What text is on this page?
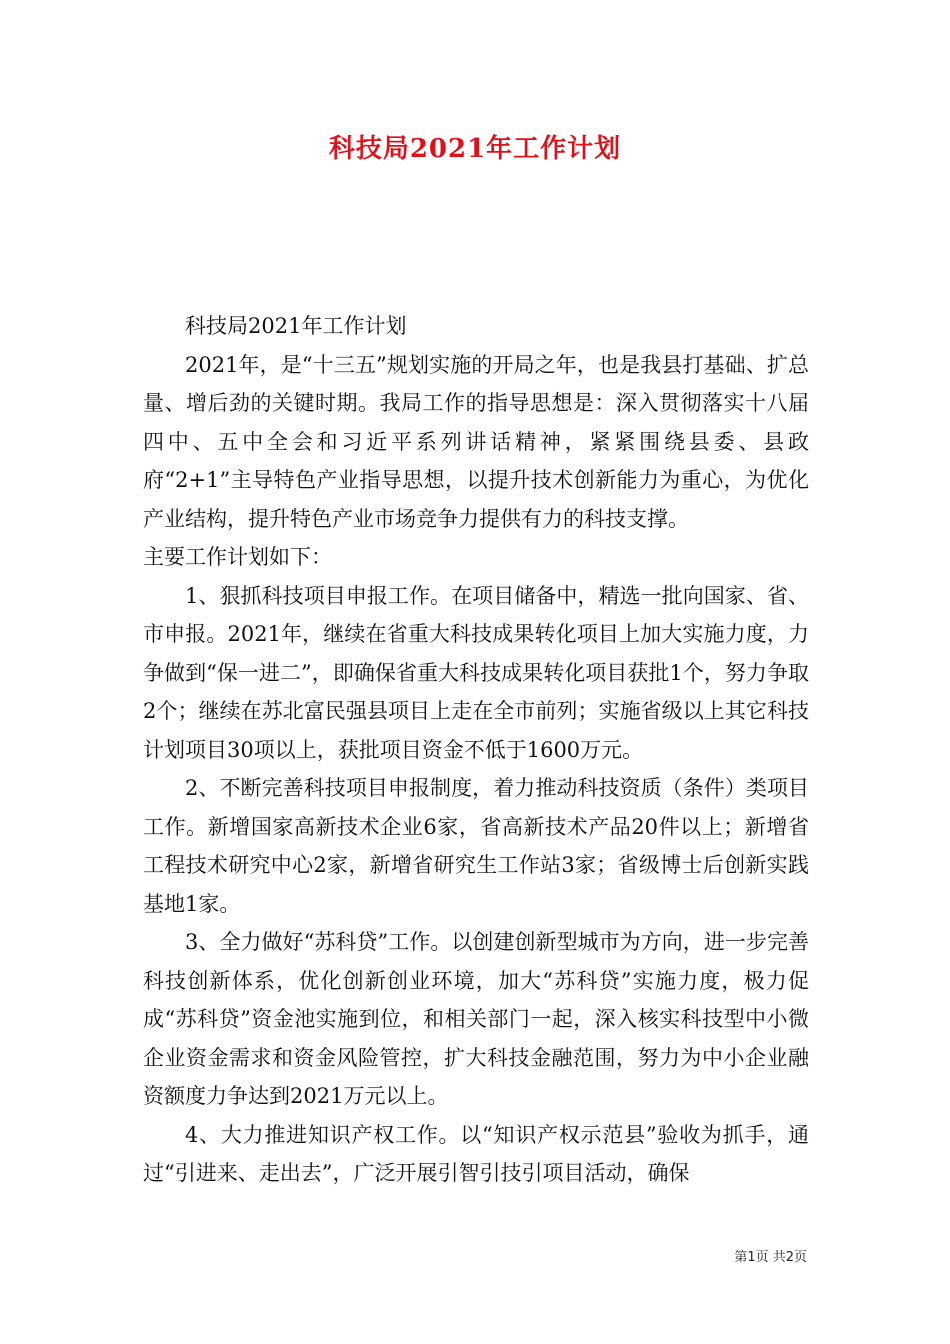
科技局2021年工作计划

科技局2021年工作计划

2021年，是“十三五”规划实施的开局之年，也是我县打基础、扩总量、增后劲的关键时期。我局工作的指导思想是：深入贯彻落实十八届四中、五中全会和习近平系列讲话精神，紧紧围绕县委、县政府“2+1”主导特色产业指导思想，以提升技术创新能力为重心，为优化产业结构，提升特色产业市场竞争力提供有力的科技支撑。

主要工作计划如下：

1、狠抓科技项目申报工作。在项目储备中，精选一批向国家、省、市申报。2021年，继续在省重大科技成果转化项目上加大实施力度，力争做到“保一进二”，即确保省重大科技成果转化项目获批1个，努力争取2个；继续在苏北富民强县项目上走在全市前列；实施省级以上其它科技计划项目30项以上，获批项目资金不低于1600万元。

2、不断完善科技项目申报制度，着力推动科技资质（条件）类项目工作。新增国家高新技术企业6家，省高新技术产品20件以上；新增省工程技术研究中心2家，新增省研究生工作站3家；省级博士后创新实践基地1家。

3、全力做好“苏科贷”工作。以创建创新型城市为方向，进一步完善科技创新体系，优化创新创业环境，加大“苏科贷”实施力度，极力促成“苏科贷”资金池实施到位，和相关部门一起，深入核实科技型中小微企业资金需求和资金风险管控，扩大科技金融范围，努力为中小企业融资额度力争达到2021万元以上。

4、大力推进知识产权工作。以“知识产权示范县”验收为抓手，通过“引进来、走出去”，广泛开展引智引技引项目活动，确保

第1页 共2页
